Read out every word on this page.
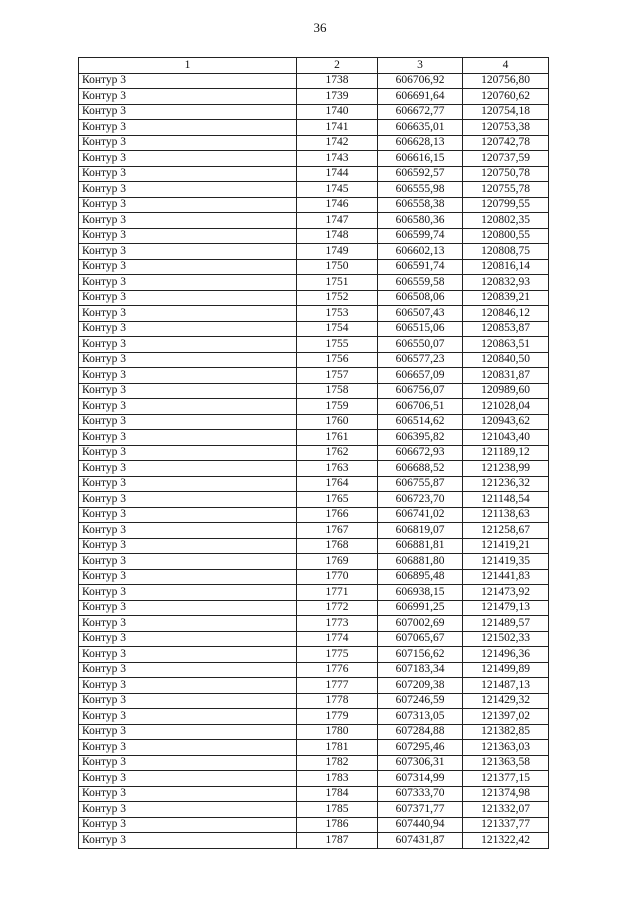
36
1	2	3	4
Контур 3	1738	606706,92	120756,80
Контур 3	1739	606691,64	120760,62
Контур 3	1740	606672,77	120754,18
Контур 3	1741	606635,01	120753,38
Контур 3	1742	606628,13	120742,78
Контур 3	1743	606616,15	120737,59
Контур 3	1744	606592,57	120750,78
Контур 3	1745	606555,98	120755,78
Контур 3	1746	606558,38	120799,55
Контур 3	1747	606580,36	120802,35
Контур 3	1748	606599,74	120800,55
Контур 3	1749	606602,13	120808,75
Контур 3	1750	606591,74	120816,14
Контур 3	1751	606559,58	120832,93
Контур 3	1752	606508,06	120839,21
Контур 3	1753	606507,43	120846,12
Контур 3	1754	606515,06	120853,87
Контур 3	1755	606550,07	120863,51
Контур 3	1756	606577,23	120840,50
Контур 3	1757	606657,09	120831,87
Контур 3	1758	606756,07	120989,60
Контур 3	1759	606706,51	121028,04
Контур 3	1760	606514,62	120943,62
Контур 3	1761	606395,82	121043,40
Контур 3	1762	606672,93	121189,12
Контур 3	1763	606688,52	121238,99
Контур 3	1764	606755,87	121236,32
Контур 3	1765	606723,70	121148,54
Контур 3	1766	606741,02	121138,63
Контур 3	1767	606819,07	121258,67
Контур 3	1768	606881,81	121419,21
Контур 3	1769	606881,80	121419,35
Контур 3	1770	606895,48	121441,83
Контур 3	1771	606938,15	121473,92
Контур 3	1772	606991,25	121479,13
Контур 3	1773	607002,69	121489,57
Контур 3	1774	607065,67	121502,33
Контур 3	1775	607156,62	121496,36
Контур 3	1776	607183,34	121499,89
Контур 3	1777	607209,38	121487,13
Контур 3	1778	607246,59	121429,32
Контур 3	1779	607313,05	121397,02
Контур 3	1780	607284,88	121382,85
Контур 3	1781	607295,46	121363,03
Контур 3	1782	607306,31	121363,58
Контур 3	1783	607314,99	121377,15
Контур 3	1784	607333,70	121374,98
Контур 3	1785	607371,77	121332,07
Контур 3	1786	607440,94	121337,77
Контур 3	1787	607431,87	121322,42
